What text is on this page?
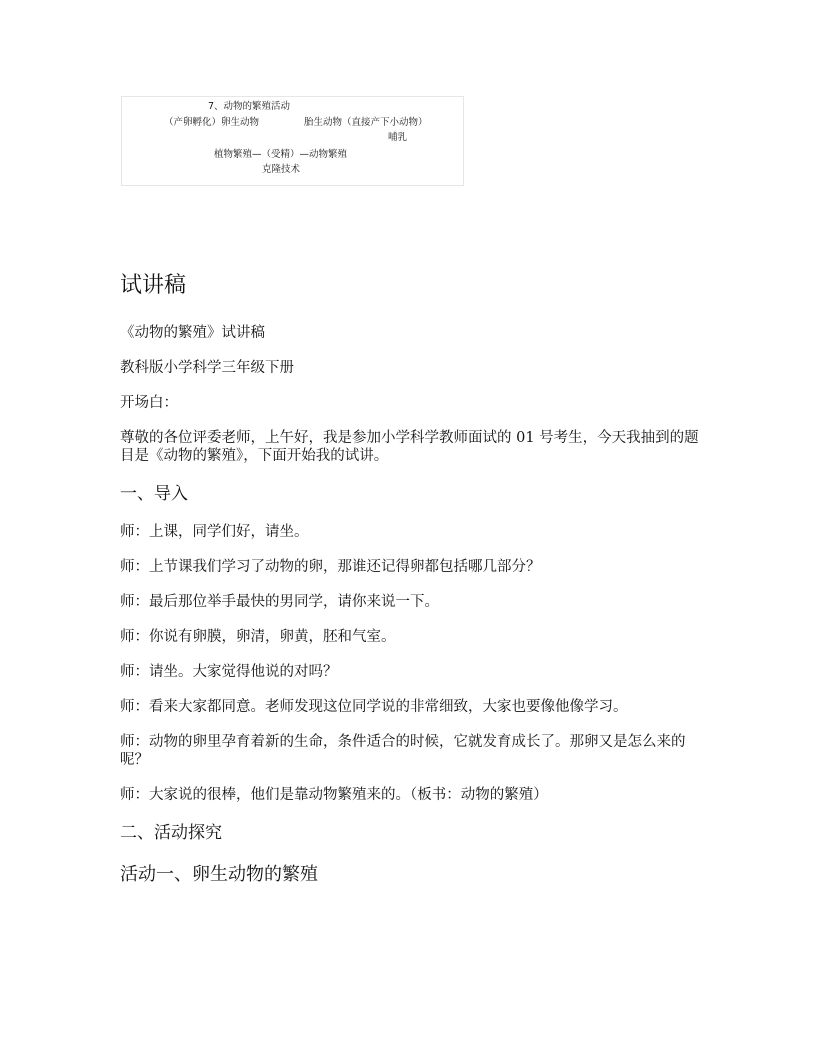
7、动物的繁殖活动
（产卵孵化）卵生动物	胎生动物（直接产下小动物）
哺乳
植物繁殖—（受精）—动物繁殖
克隆技术
试讲稿

《动物的繁殖》试讲稿

教科版小学科学三年级下册

开场白：

尊敬的各位评委老师，上午好，我是参加小学科学教师面试的 01 号考生，今天我抽到的题目是《动物的繁殖》，下面开始我的试讲。

一、导入

师：上课，同学们好，请坐。

师：上节课我们学习了动物的卵，那谁还记得卵都包括哪几部分？

师：最后那位举手最快的男同学，请你来说一下。

师：你说有卵膜，卵清，卵黄，胚和气室。

师：请坐。大家觉得他说的对吗？

师：看来大家都同意。老师发现这位同学说的非常细致，大家也要像他像学习。

师：动物的卵里孕育着新的生命，条件适合的时候，它就发育成长了。那卵又是怎么来的呢？

师：大家说的很棒，他们是靠动物繁殖来的。（板书：动物的繁殖）

二、活动探究
活动一、卵生动物的繁殖
